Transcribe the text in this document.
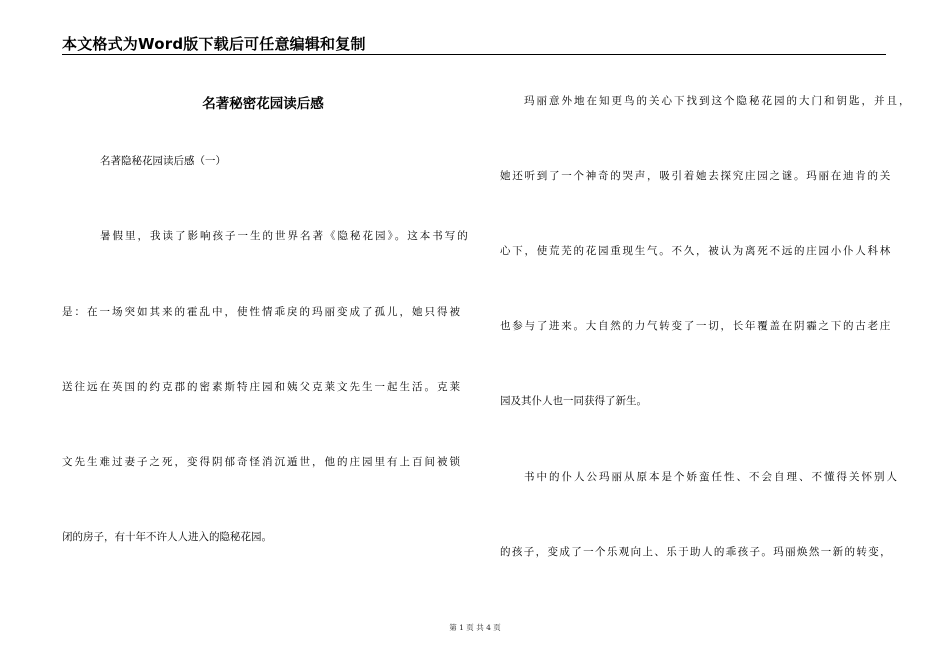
本文格式为Word版下载后可任意编辑和复制
名著秘密花园读后感
名著隐秘花园读后感（一）
暑假里，我读了影响孩子一生的世界名著《隐秘花园》。这本书写的
是：在一场突如其来的霍乱中，使性情乖戾的玛丽变成了孤儿，她只得被
送往远在英国的约克郡的密素斯特庄园和姨父克莱文先生一起生活。克莱
文先生难过妻子之死，变得阴郁奇怪消沉遁世，他的庄园里有上百间被锁
闭的房子，有十年不许人人进入的隐秘花园。
玛丽意外地在知更鸟的关心下找到这个隐秘花园的大门和钥匙，并且，
她还听到了一个神奇的哭声，吸引着她去探究庄园之谜。玛丽在迪肯的关
心下，使荒芜的花园重现生气。不久，被认为离死不远的庄园小仆人科林
也参与了进来。大自然的力气转变了一切，长年覆盖在阴霾之下的古老庄
园及其仆人也一同获得了新生。
书中的仆人公玛丽从原本是个娇蛮任性、不会自理、不懂得关怀别人
的孩子，变成了一个乐观向上、乐于助人的乖孩子。玛丽焕然一新的转变，
第 1 页 共 4 页
